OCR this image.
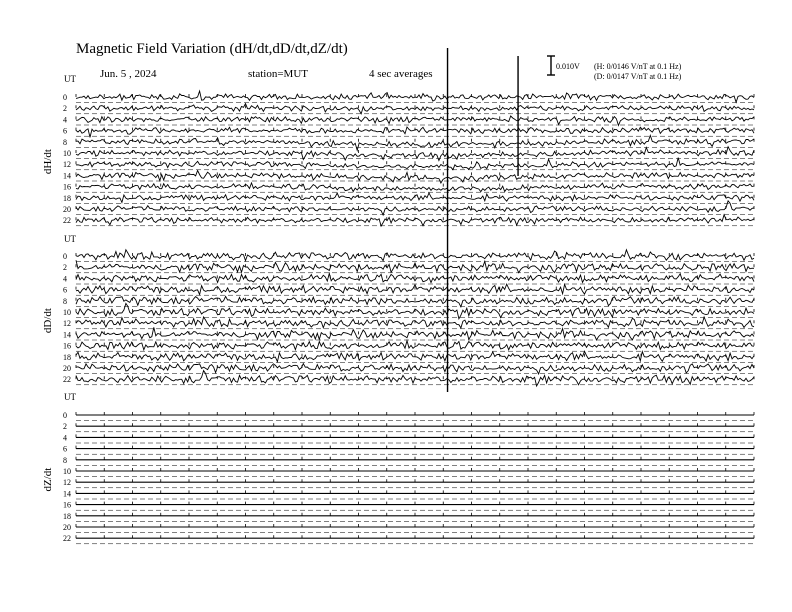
Magnetic Field Variation (dH/dt,dD/dt,dZ/dt)
Jun. 5 , 2024	station=MUT	4 sec averages
0.010V (H: 0/0146 V/nT at 0.1 Hz)
(D: 0/0147 V/nT at 0.1 Hz)
UT
dH/dt
0
2
4
6
8
10
12
14
16
18
20
22
UT
dD/dt
0
2
4
6
8
10
12
14
16
18
20
22
UT
dZ/dt
0
2
4
6
8
10
12
14
16
18
20
22
